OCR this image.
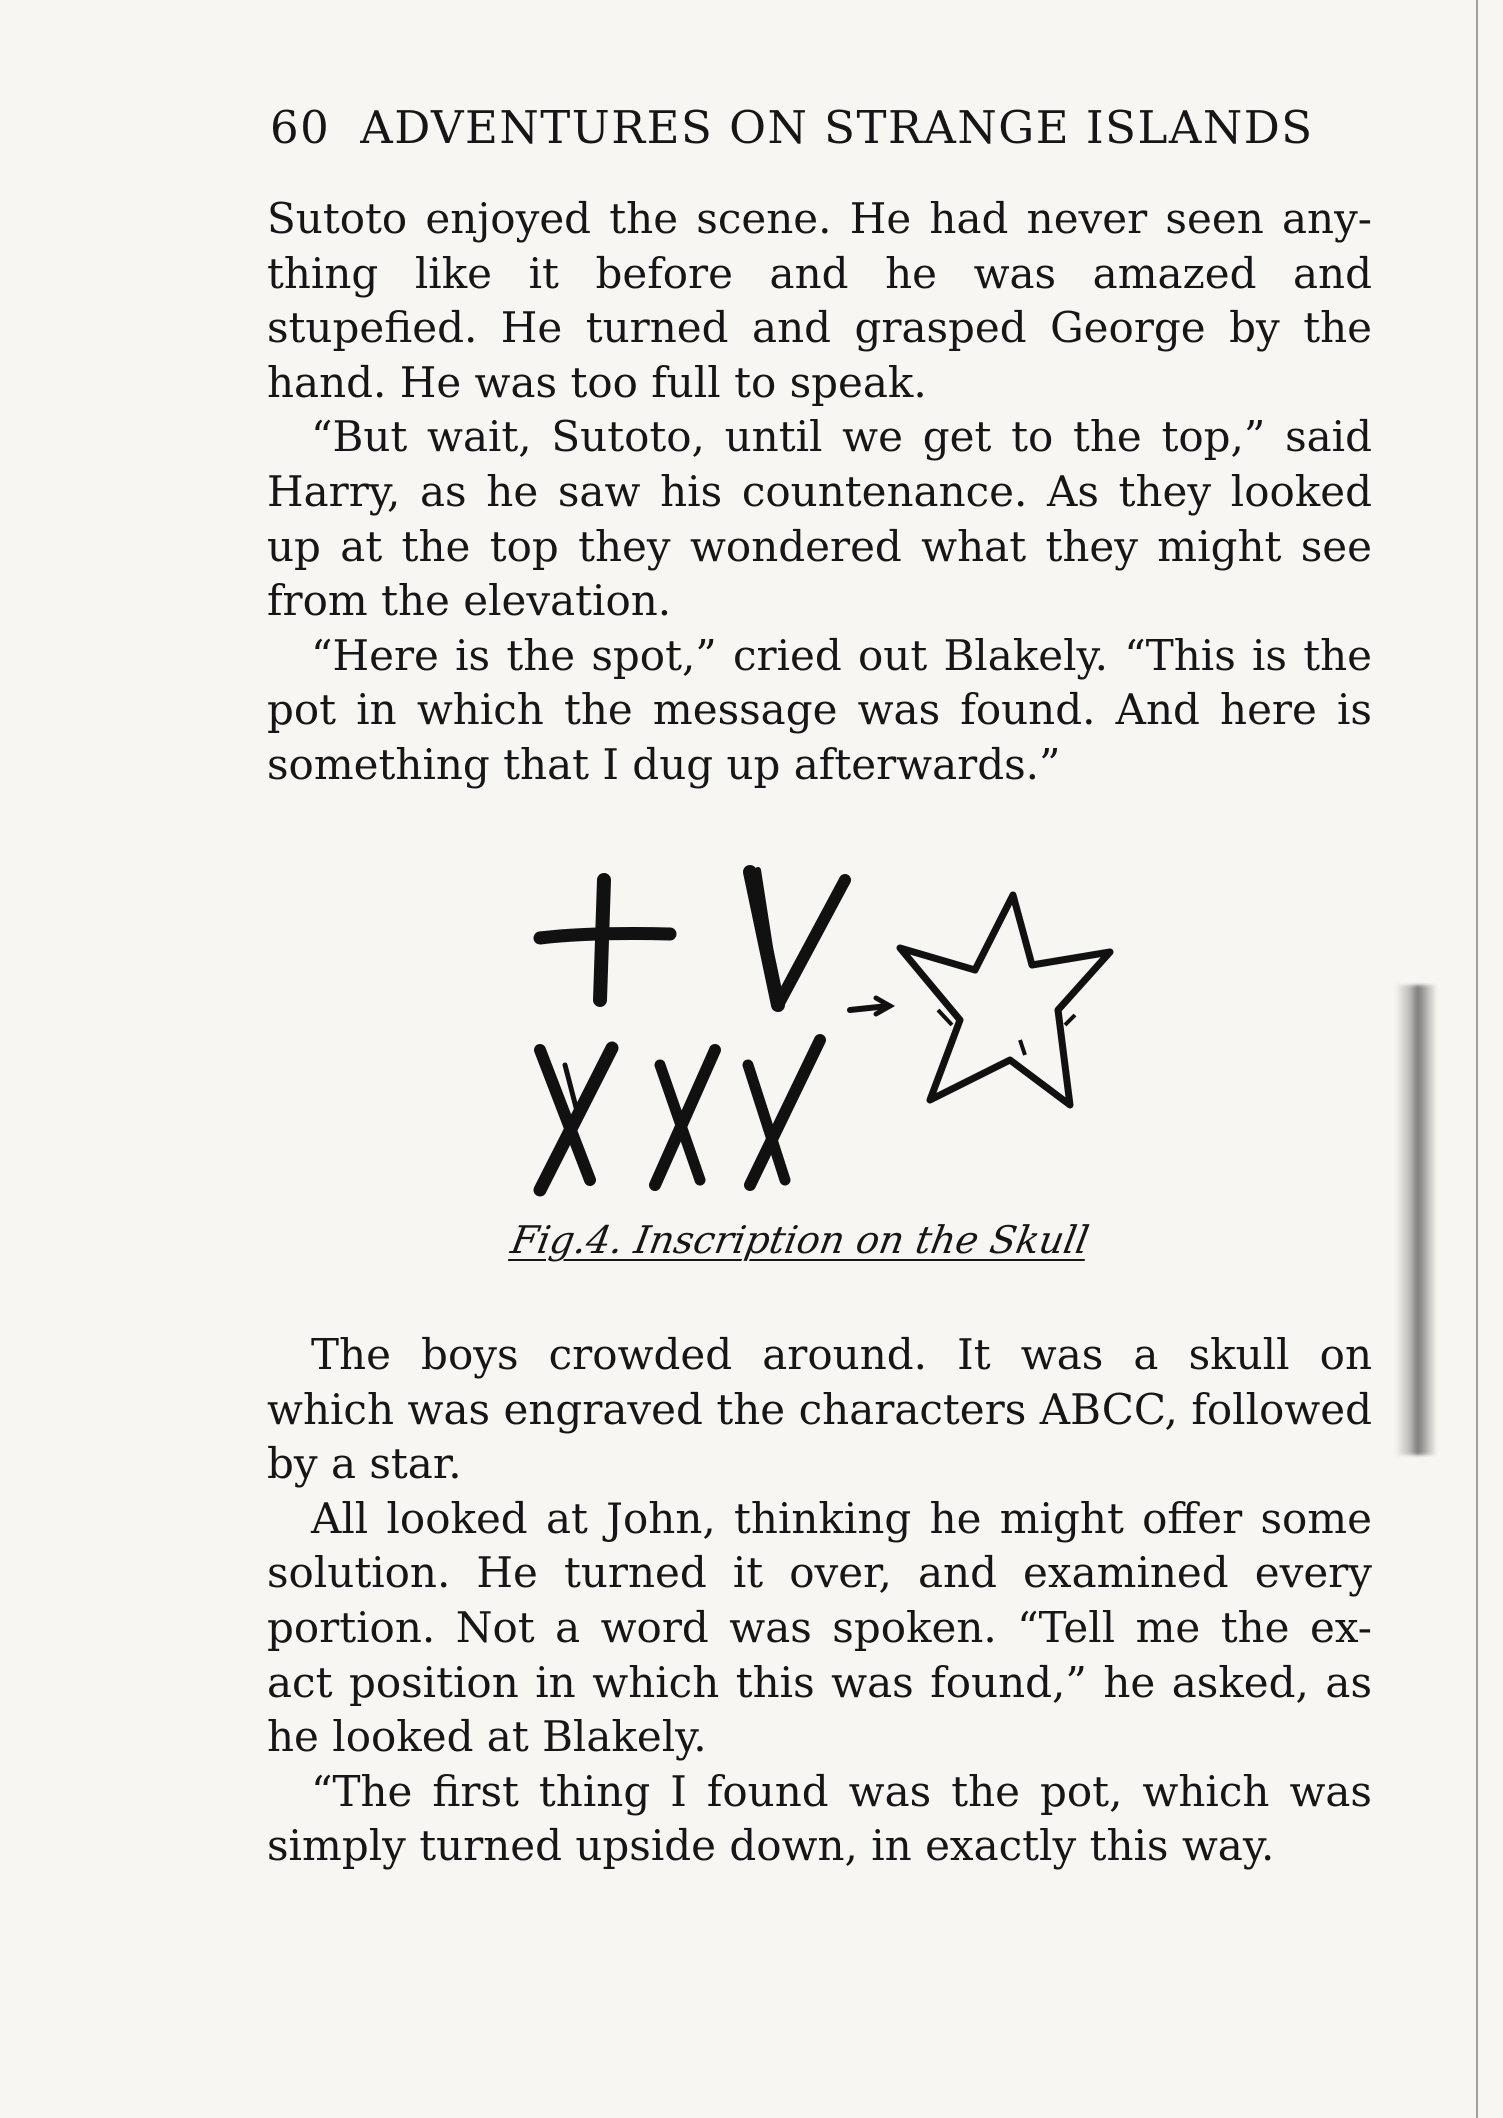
60 ADVENTURES ON STRANGE ISLANDS

Sutoto enjoyed the scene. He had never seen any-thing like it before and he was amazed and stupefied. He turned and grasped George by the hand. He was too full to speak.

“But wait, Sutoto, until we get to the top,” said Harry, as he saw his countenance. As they looked up at the top they wondered what they might see from the elevation.

“Here is the spot,” cried out Blakely. “This is the pot in which the message was found. And here is something that I dug up afterwards.”

Fig.4. Inscription on the Skull

The boys crowded around. It was a skull on which was engraved the characters ABCC, followed by a star.

All looked at John, thinking he might offer some solution. He turned it over, and examined every portion. Not a word was spoken. “Tell me the ex-act position in which this was found,” he asked, as he looked at Blakely.

“The first thing I found was the pot, which was simply turned upside down, in exactly this way.
